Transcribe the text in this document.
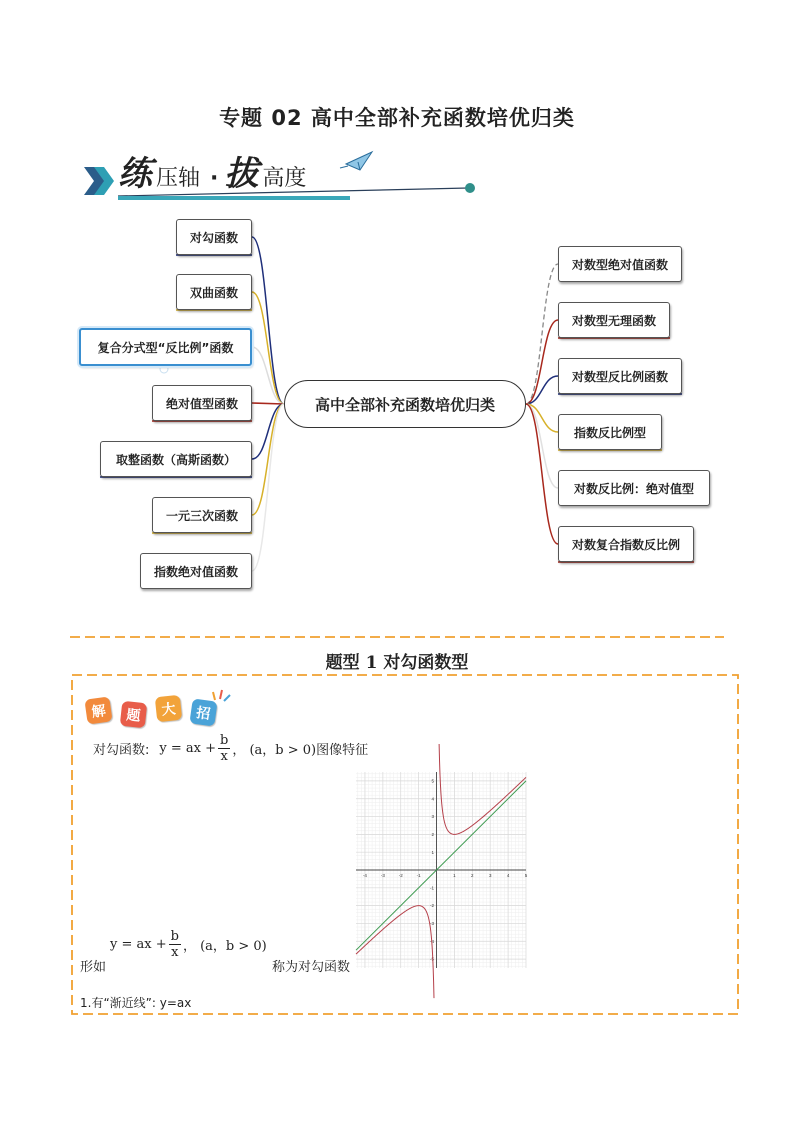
专题 02 高中全部补充函数培优归类
练 压轴 · 拔 高度
对勾函数
双曲函数
复合分式型“反比例”函数
绝对值型函数
取整函数（高斯函数）
一元三次函数
指数绝对值函数
高中全部补充函数培优归类
对数型绝对值函数
对数型无理函数
对数型反比例函数
指数反比例型
对数反比例：绝对值型
对数复合指数反比例
题型 1 对勾函数型
解	题	大	招
对勾函数: y = ax + $\frac{b}{x}$ ， (a，b > 0) 图像特征
-4	-3	-2	-1	1	2	3	4	5
5
4
3
2
1
-1
-2
-3
-4
-5
y = ax + $\frac{b}{x}$ ， (a，b > 0)
形如	称为对勾函数
1.有“渐近线”: y=ax
